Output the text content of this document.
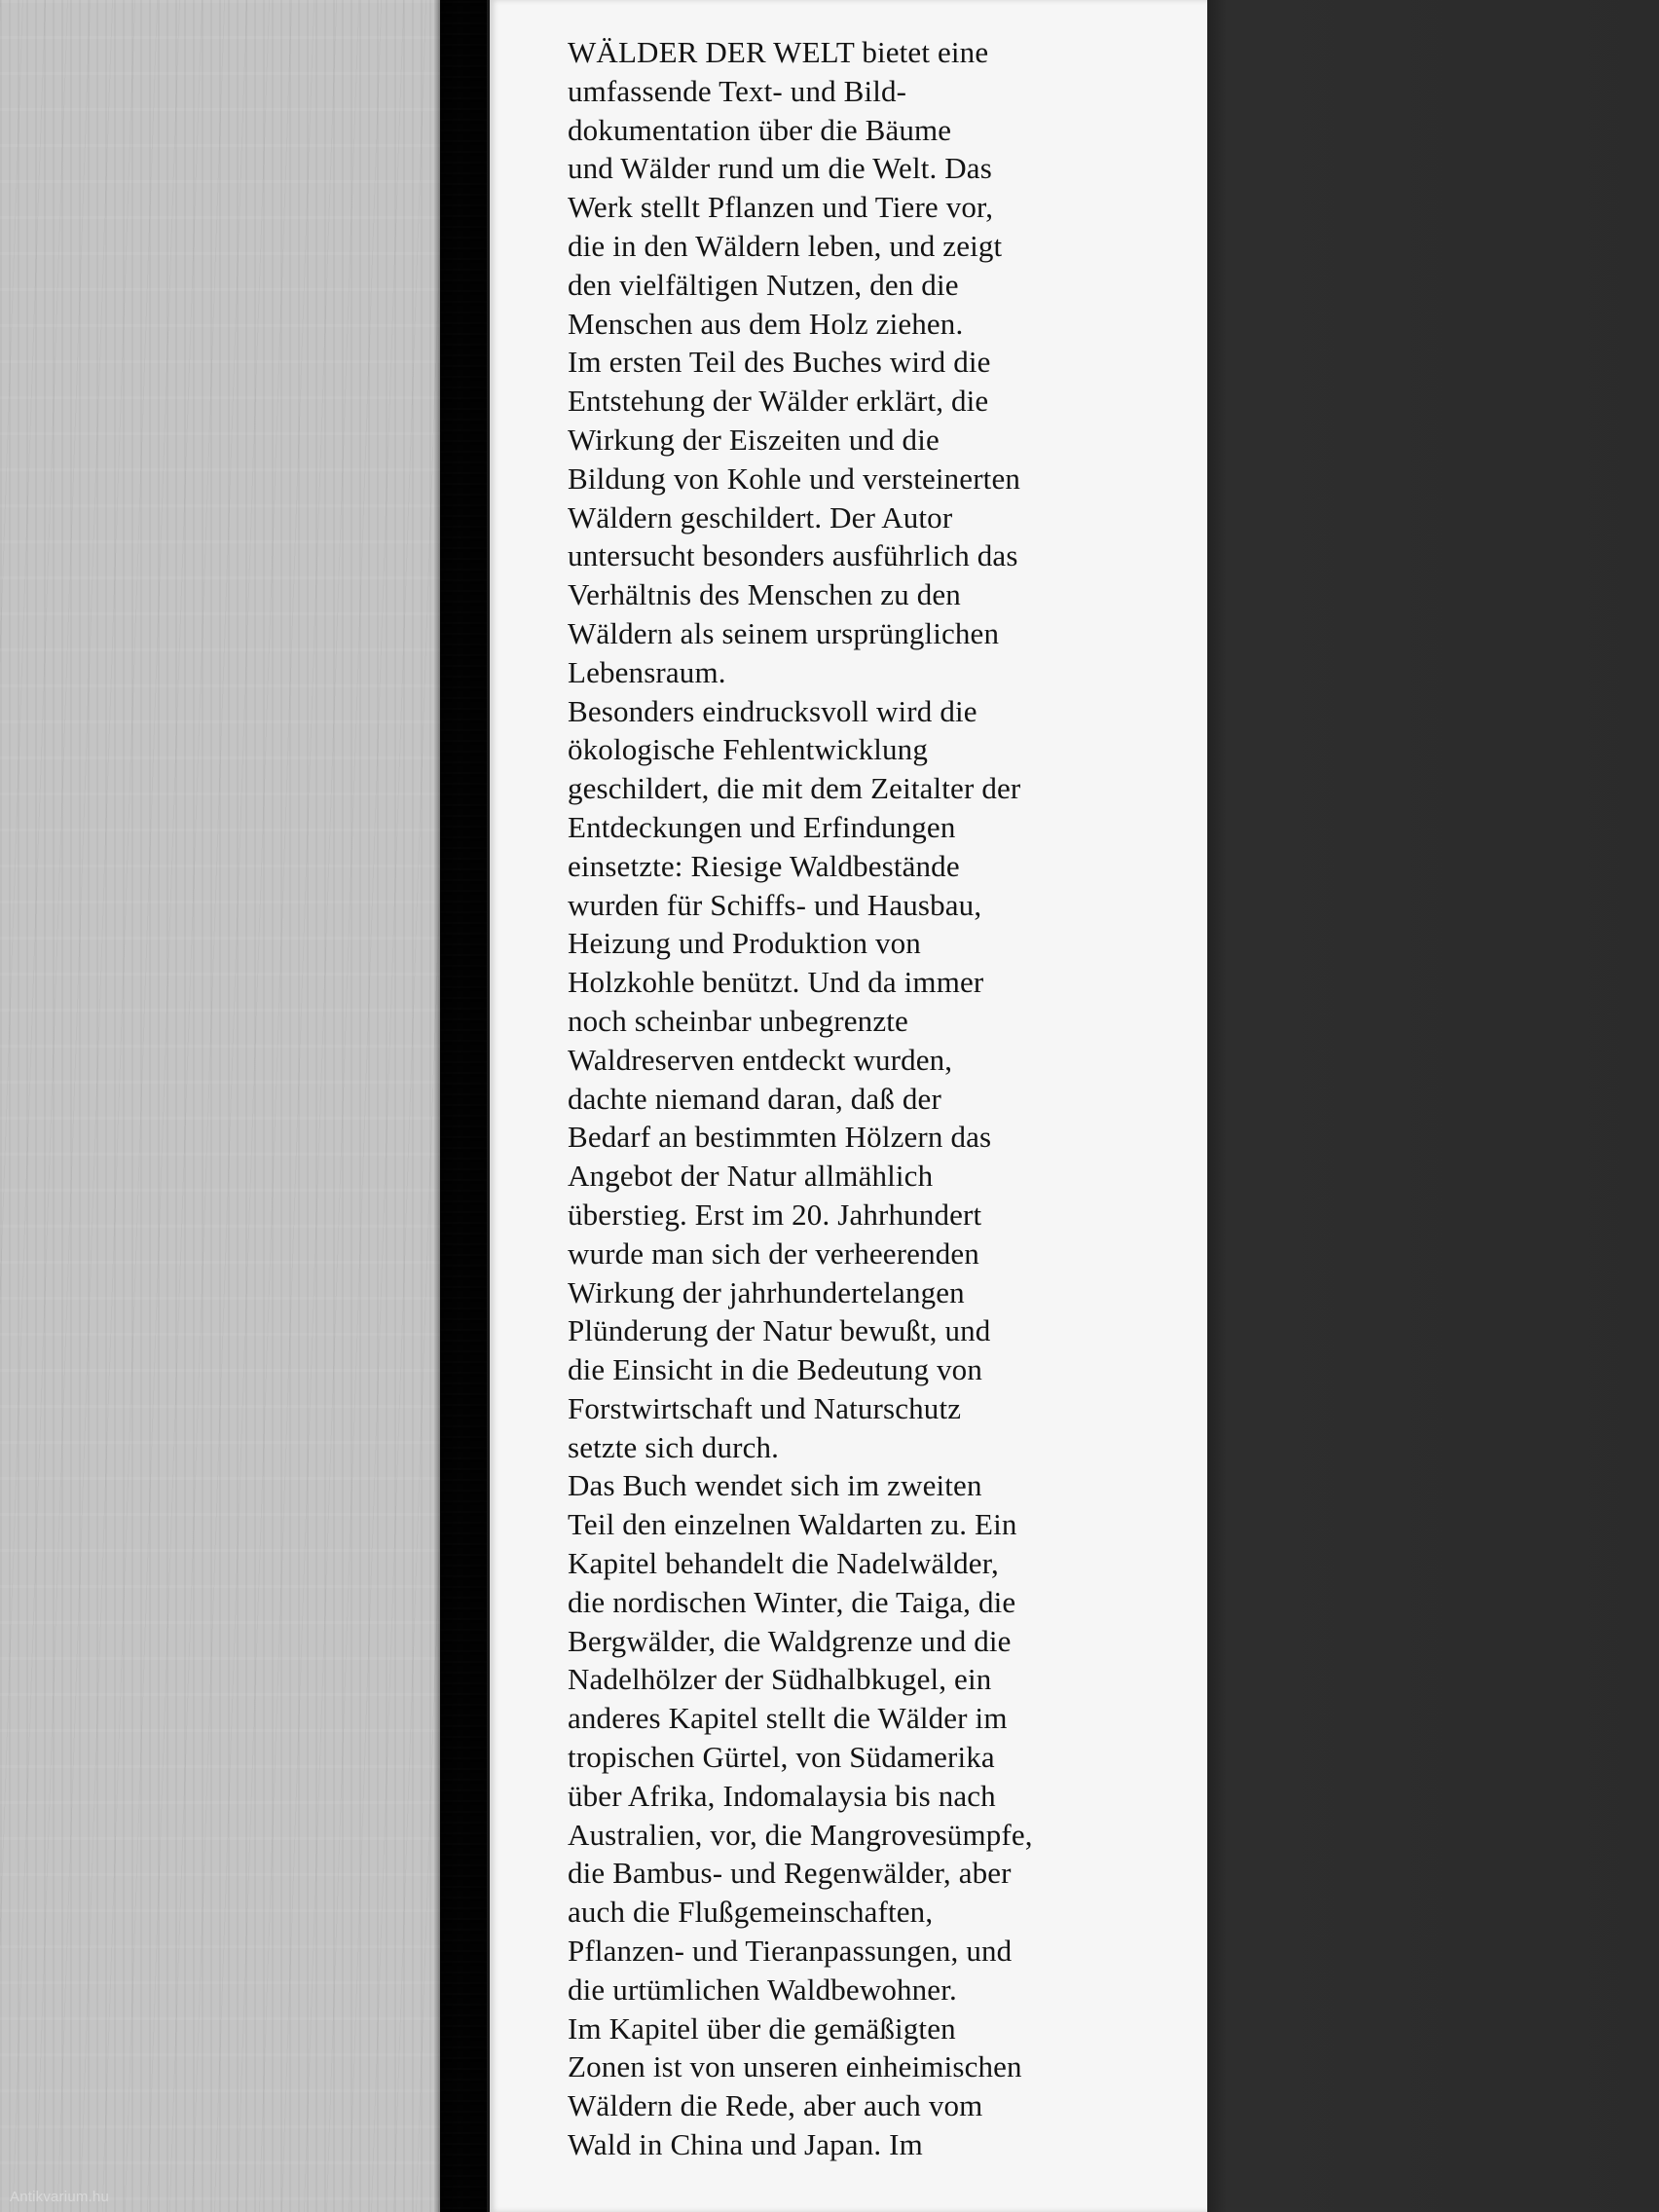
WÄLDER DER WELT bietet eine
umfassende Text- und Bild-
dokumentation über die Bäume
und Wälder rund um die Welt. Das
Werk stellt Pflanzen und Tiere vor,
die in den Wäldern leben, und zeigt
den vielfältigen Nutzen, den die
Menschen aus dem Holz ziehen.
Im ersten Teil des Buches wird die
Entstehung der Wälder erklärt, die
Wirkung der Eiszeiten und die
Bildung von Kohle und versteinerten
Wäldern geschildert. Der Autor
untersucht besonders ausführlich das
Verhältnis des Menschen zu den
Wäldern als seinem ursprünglichen
Lebensraum.
Besonders eindrucksvoll wird die
ökologische Fehlentwicklung
geschildert, die mit dem Zeitalter der
Entdeckungen und Erfindungen
einsetzte: Riesige Waldbestände
wurden für Schiffs- und Hausbau,
Heizung und Produktion von
Holzkohle benützt. Und da immer
noch scheinbar unbegrenzte
Waldreserven entdeckt wurden,
dachte niemand daran, daß der
Bedarf an bestimmten Hölzern das
Angebot der Natur allmählich
überstieg. Erst im 20. Jahrhundert
wurde man sich der verheerenden
Wirkung der jahrhundertelangen
Plünderung der Natur bewußt, und
die Einsicht in die Bedeutung von
Forstwirtschaft und Naturschutz
setzte sich durch.
Das Buch wendet sich im zweiten
Teil den einzelnen Waldarten zu. Ein
Kapitel behandelt die Nadelwälder,
die nordischen Winter, die Taiga, die
Bergwälder, die Waldgrenze und die
Nadelhölzer der Südhalbkugel, ein
anderes Kapitel stellt die Wälder im
tropischen Gürtel, von Südamerika
über Afrika, Indomalaysia bis nach
Australien, vor, die Mangrovesümpfe,
die Bambus- und Regenwälder, aber
auch die Flußgemeinschaften,
Pflanzen- und Tieranpassungen, und
die urtümlichen Waldbewohner.
Im Kapitel über die gemäßigten
Zonen ist von unseren einheimischen
Wäldern die Rede, aber auch vom
Wald in China und Japan. Im
Antikvarium.hu
